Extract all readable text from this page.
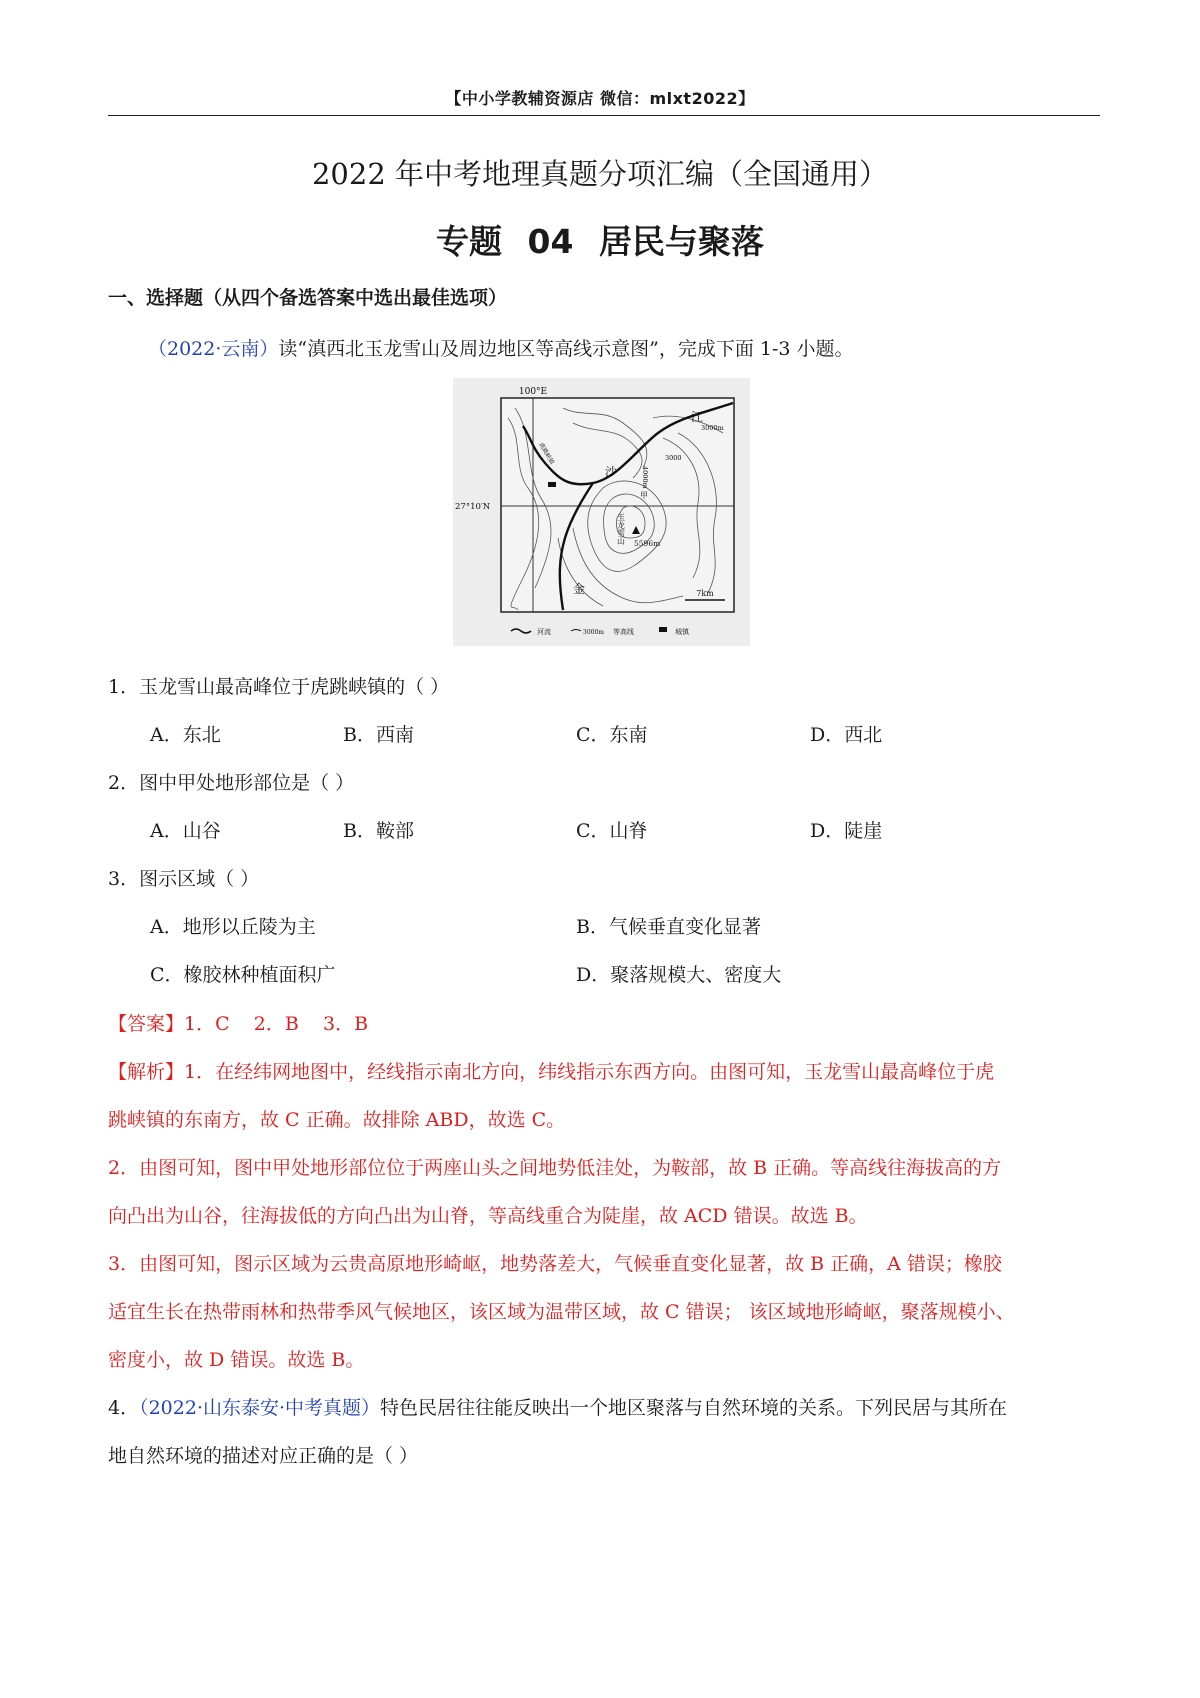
【中小学教辅资源店 微信：mlxt2022】
2022 年中考地理真题分项汇编（全国通用）
专题 04 居民与聚落
一、选择题（从四个备选答案中选出最佳选项）
（2022·云南）读“滇西北玉龙雪山及周边地区等高线示意图”，完成下面 1-3 小题。
100°E
27°10′N
江
沙
金
玉龙雪山 5596m
3000m
4000m
3000
甲
虎跳峡镇
7km
河流	3000m 等高线	城镇
1．玉龙雪山最高峰位于虎跳峡镇的（ ）
A．东北	B．西南	C．东南	D．西北
2．图中甲处地形部位是（ ）
A．山谷	B．鞍部	C．山脊	D．陡崖
3．图示区域（ ）
A．地形以丘陵为主	B．气候垂直变化显著
C．橡胶林种植面积广	D．聚落规模大、密度大
【答案】1．C    2．B    3．B
【解析】1．在经纬网地图中，经线指示南北方向，纬线指示东西方向。由图可知，玉龙雪山最高峰位于虎
跳峡镇的东南方，故 C 正确。故排除 ABD，故选 C。
2．由图可知，图中甲处地形部位位于两座山头之间地势低洼处，为鞍部，故 B 正确。等高线往海拔高的方
向凸出为山谷，往海拔低的方向凸出为山脊，等高线重合为陡崖，故 ACD 错误。故选 B。
3．由图可知，图示区域为云贵高原地形崎岖，地势落差大，气候垂直变化显著，故 B 正确，A 错误；橡胶
适宜生长在热带雨林和热带季风气候地区，该区域为温带区域，故 C 错误； 该区域地形崎岖，聚落规模小、
密度小，故 D 错误。故选 B。
4．（2022·山东泰安·中考真题）特色民居往往能反映出一个地区聚落与自然环境的关系。下列民居与其所在
地自然环境的描述对应正确的是（ ）
